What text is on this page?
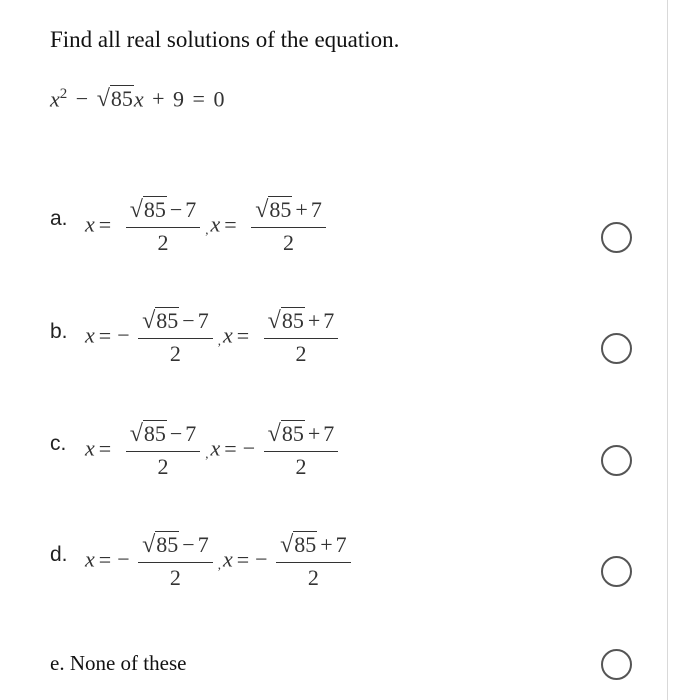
Find all real solutions of the equation.
$x^2 - √85x + 9 = 0$
a. $x = \frac{√85 - 7}{2} ,x = \frac{√85 + 7}{2}$
b. x = − $\frac{√85 - 7}{2} ,x = \frac{√85 + 7}{2}$
c. $x = \frac{√85 - 7}{2} ,x$ = − $\frac{√85 + 7}{2}$
d. x = − $\frac{√85 - 7}{2} ,x$ = − $\frac{√85 + 7}{2}$
e. None of these
